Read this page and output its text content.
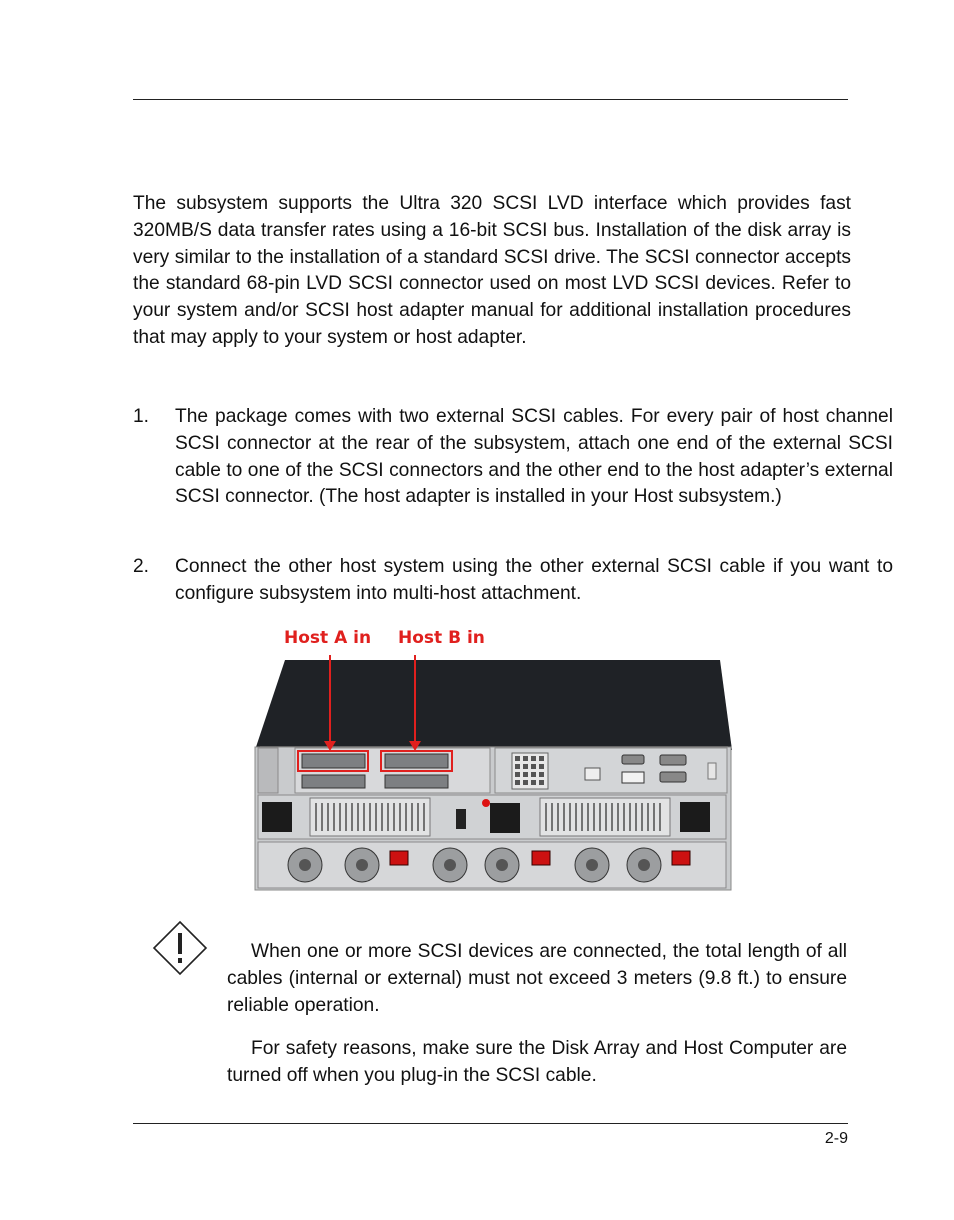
The subsystem supports the Ultra 320 SCSI LVD interface which provides fast 320MB/S data transfer rates using a 16-bit SCSI bus. Installation of the disk array is very similar to the installation of a standard SCSI drive. The SCSI connector accepts the standard 68-pin LVD SCSI connector used on most LVD SCSI devices. Refer to your system and/or SCSI host adapter manual for additional installation procedures that may apply to your system or host adapter.

1. The package comes with two external SCSI cables. For every pair of host channel SCSI connector at the rear of the subsystem, attach one end of the external SCSI cable to one of the SCSI connectors and the other end to the host adapter’s external SCSI connector. (The host adapter is installed in your Host subsystem.)
2. Connect the other host system using the other external SCSI cable if you want to configure subsystem into multi-host attachment.
Host A in Host B in

When one or more SCSI devices are connected, the total length of all cables (internal or external) must not exceed 3 meters (9.8 ft.) to ensure reliable operation.

For safety reasons, make sure the Disk Array and Host Computer are turned off when you plug-in the SCSI cable.

2-9
